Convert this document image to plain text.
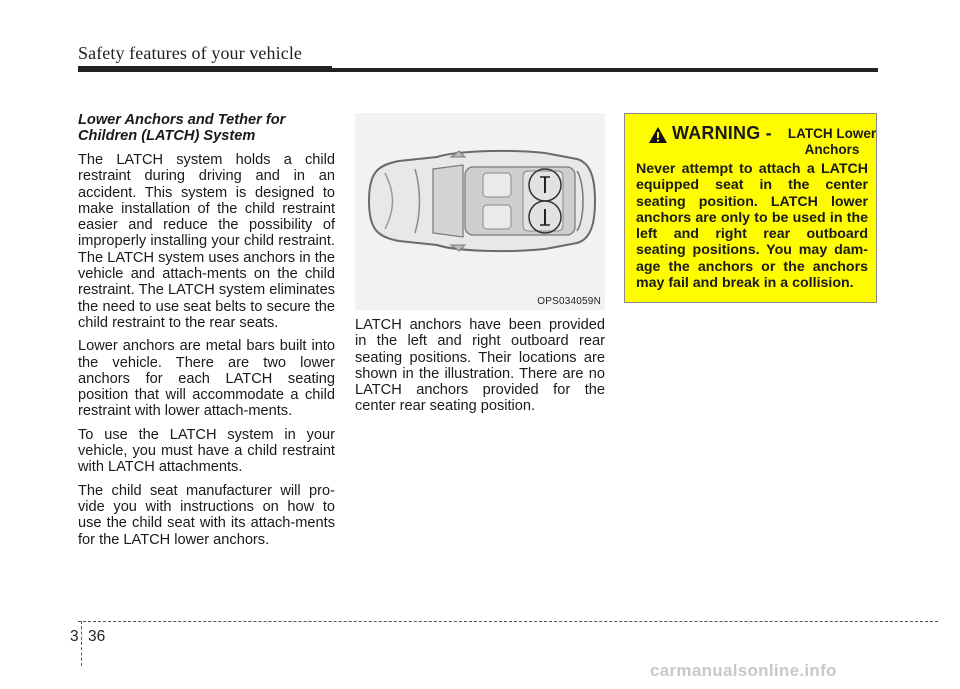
Safety features of your vehicle
Lower Anchors and Tether for Children (LATCH) System

The LATCH system holds a child restraint during driving and in an accident. This system is designed to make installation of the child restraint easier and reduce the possibility of improperly installing your child restraint. The LATCH system uses anchors in the vehicle and attach-ments on the child restraint. The LATCH system eliminates the need to use seat belts to secure the child restraint to the rear seats.

Lower anchors are metal bars built into the vehicle. There are two lower anchors for each LATCH seating position that will accommodate a child restraint with lower attach-ments.

To use the LATCH system in your vehicle, you must have a child restraint with LATCH attachments.

The child seat manufacturer will pro-vide you with instructions on how to use the child seat with its attach-ments for the LATCH lower anchors.

OPS034059N

LATCH anchors have been provided in the left and right outboard rear seating positions. Their locations are shown in the illustration. There are no LATCH anchors provided for the center rear seating position.

WARNING -	LATCH Lower Anchors
Never attempt to attach a LATCH equipped seat in the center seating position. LATCH lower anchors are only to be used in the left and right rear outboard seating positions. You may dam-age the anchors or the anchors may fail and break in a collision.
3 36
carmanualsonline.info
